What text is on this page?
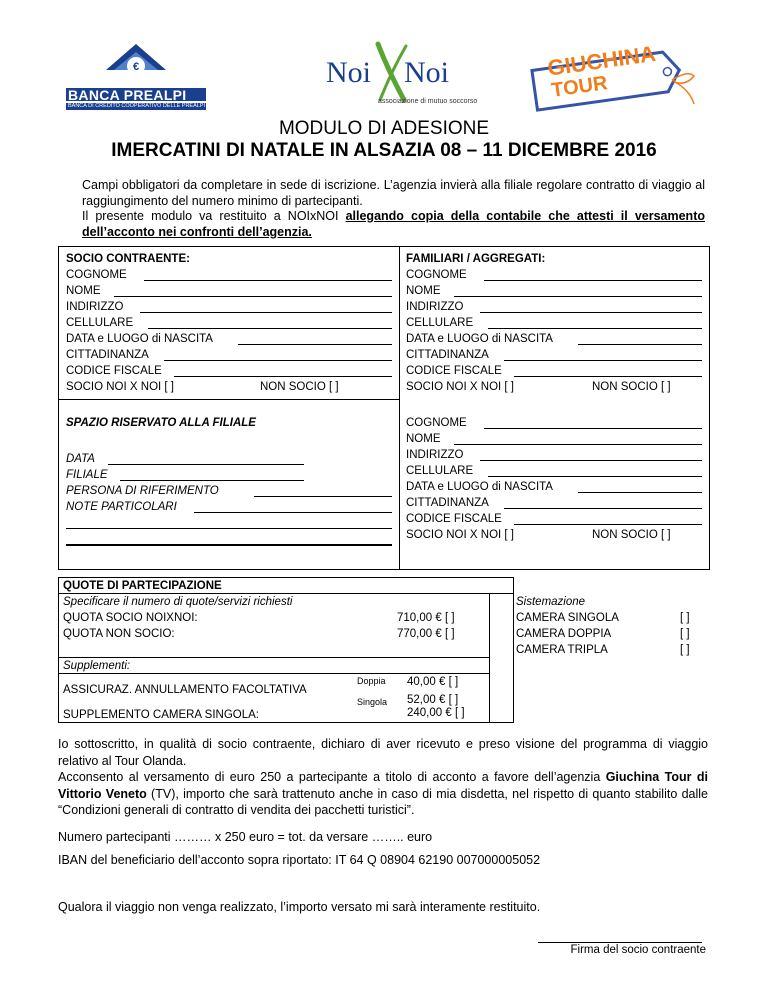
€
BANCA PREALPI
BANCA DI CREDITO COOPERATIVO DELLE PREALPI
Noi Noi
associazione di mutuo soccorso
GIUCHINA
TOUR
MODULO DI ADESIONE
IMERCATINI DI NATALE IN ALSAZIA 08 – 11 DICEMBRE 2016
Campi obbligatori da completare in sede di iscrizione. L’agenzia invierà alla filiale regolare contratto di viaggio al raggiungimento del numero minimo di partecipanti.
Il presente modulo va restituito a NOIxNOI allegando copia della contabile che attesti il versamento dell’acconto nei confronti dell’agenzia.
SOCIO CONTRAENTE:
COGNOME
NOME
INDIRIZZO
CELLULARE
DATA e LUOGO di NASCITA
CITTADINANZA
CODICE FISCALE
SOCIO NOI X NOI [ ]	NON SOCIO [ ]
FAMILIARI / AGGREGATI:
COGNOME
NOME
INDIRIZZO
CELLULARE
DATA e LUOGO di NASCITA
CITTADINANZA
CODICE FISCALE
SOCIO NOI X NOI [ ]	NON SOCIO [ ]
SPAZIO RISERVATO ALLA FILIALE
DATA
FILIALE
PERSONA DI RIFERIMENTO
NOTE PARTICOLARI
COGNOME
NOME
INDIRIZZO
CELLULARE
DATA e LUOGO di NASCITA
CITTADINANZA
CODICE FISCALE
SOCIO NOI X NOI [ ]	NON SOCIO [ ]
QUOTE DI PARTECIPAZIONE
Specificare il numero di quote/servizi richiesti
QUOTA SOCIO NOIXNOI:	710,00 € [ ]
QUOTA NON SOCIO:	770,00 € [ ]
Supplementi:
ASSICURAZ. ANNULLAMENTO FACOLTATIVA
Doppia 40,00 € [ ]
Singola 52,00 € [ ]
SUPPLEMENTO CAMERA SINGOLA:	240,00 € [ ]
Sistemazione
CAMERA SINGOLA	[ ]
CAMERA DOPPIA	[ ]
CAMERA TRIPLA	[ ]
Io sottoscritto, in qualità di socio contraente, dichiaro di aver ricevuto e preso visione del programma di viaggio relativo al Tour Olanda.
Acconsento al versamento di euro 250 a partecipante a titolo di acconto a favore dell’agenzia Giuchina Tour di Vittorio Veneto (TV), importo che sarà trattenuto anche in caso di mia disdetta, nel rispetto di quanto stabilito dalle “Condizioni generali di contratto di vendita dei pacchetti turistici”.
Numero partecipanti ……… x 250 euro = tot. da versare …….. euro
IBAN del beneficiario dell’acconto sopra riportato: IT 64 Q 08904 62190 007000005052
Qualora il viaggio non venga realizzato, l’importo versato mi sarà interamente restituito.
Firma del socio contraente
